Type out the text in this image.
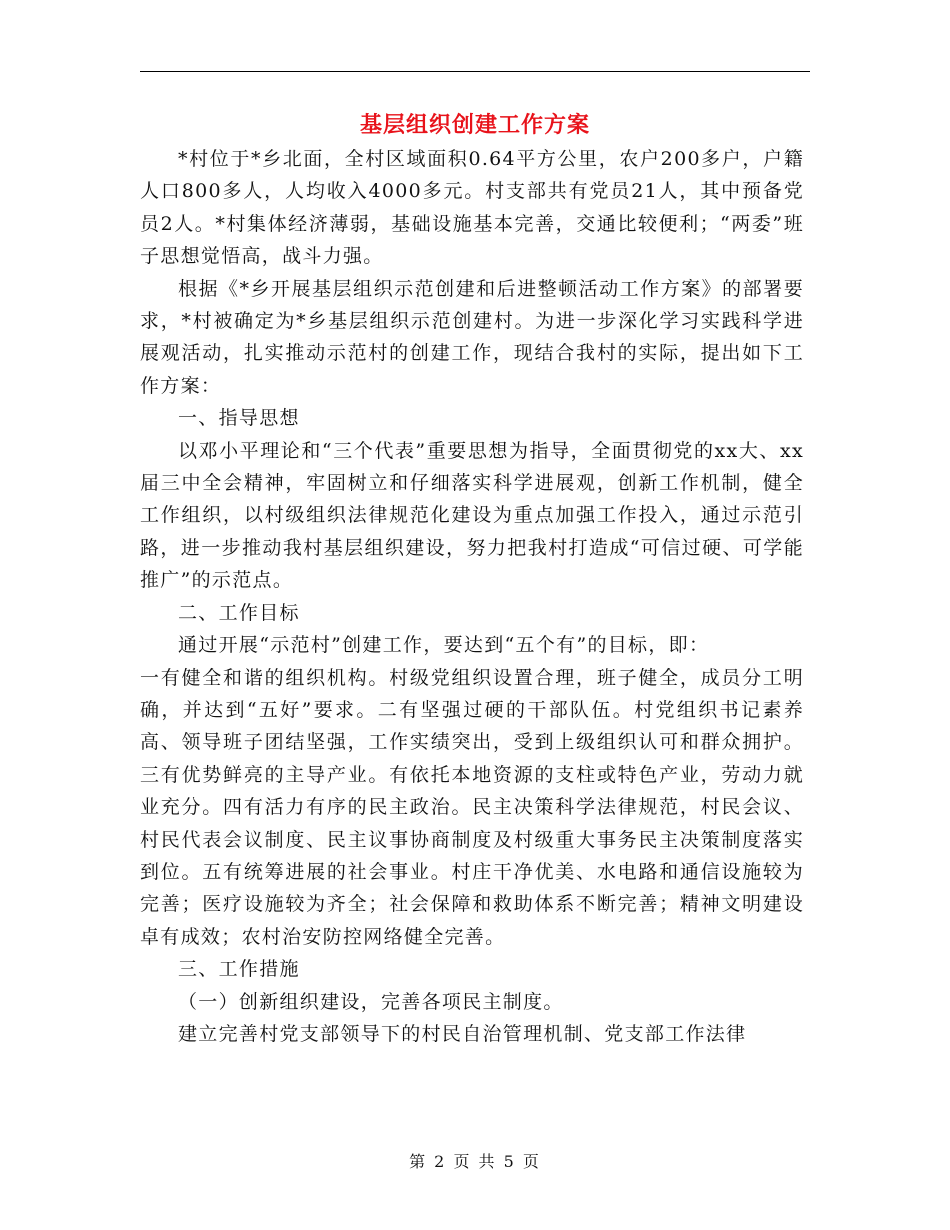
基层组织创建工作方案

*村位于*乡北面，全村区域面积0.64平方公里，农户200多户，户籍人口800多人，人均收入4000多元。村支部共有党员21人，其中预备党员2人。*村集体经济薄弱，基础设施基本完善，交通比较便利；“两委”班子思想觉悟高，战斗力强。

根据《*乡开展基层组织示范创建和后进整顿活动工作方案》的部署要求，*村被确定为*乡基层组织示范创建村。为进一步深化学习实践科学进展观活动，扎实推动示范村的创建工作，现结合我村的实际，提出如下工作方案：

一、指导思想

以邓小平理论和“三个代表”重要思想为指导，全面贯彻党的xx大、xx届三中全会精神，牢固树立和仔细落实科学进展观，创新工作机制，健全工作组织，以村级组织法律规范化建设为重点加强工作投入，通过示范引路，进一步推动我村基层组织建设，努力把我村打造成“可信过硬、可学能推广”的示范点。

二、工作目标

通过开展“示范村”创建工作，要达到“五个有”的目标，即：

一有健全和谐的组织机构。村级党组织设置合理，班子健全，成员分工明确，并达到“五好”要求。二有坚强过硬的干部队伍。村党组织书记素养高、领导班子团结坚强，工作实绩突出，受到上级组织认可和群众拥护。三有优势鲜亮的主导产业。有依托本地资源的支柱或特色产业，劳动力就业充分。四有活力有序的民主政治。民主决策科学法律规范，村民会议、村民代表会议制度、民主议事协商制度及村级重大事务民主决策制度落实到位。五有统筹进展的社会事业。村庄干净优美、水电路和通信设施较为完善；医疗设施较为齐全；社会保障和救助体系不断完善；精神文明建设卓有成效；农村治安防控网络健全完善。

三、工作措施

（一）创新组织建设，完善各项民主制度。

建立完善村党支部领导下的村民自治管理机制、党支部工作法律

第 2 页 共 5 页
